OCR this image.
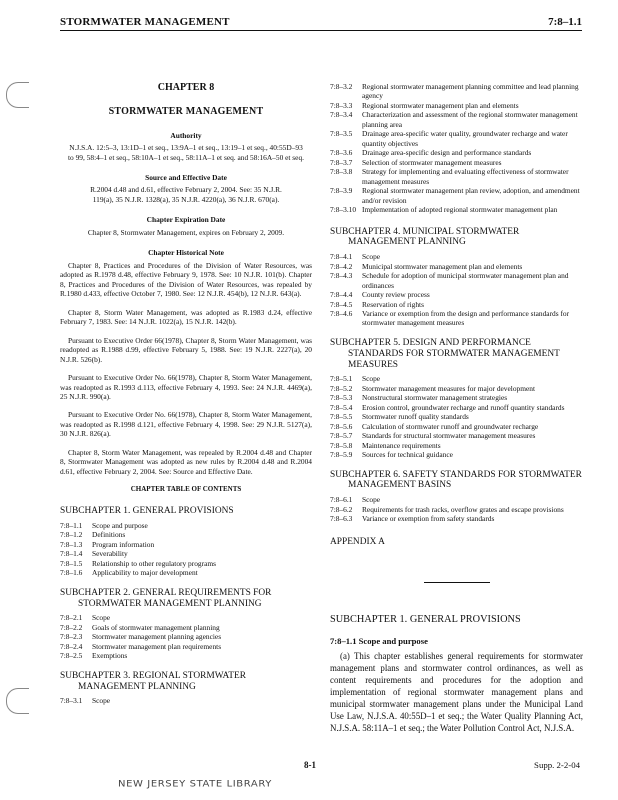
STORMWATER MANAGEMENT	7:8–1.1
CHAPTER 8
STORMWATER MANAGEMENT
Authority
N.J.S.A. 12:5–3, 13:1D–1 et seq., 13:9A–1 et seq., 13:19–1 et seq., 40:55D–93 to 99, 58:4–1 et seq., 58:10A–1 et seq., 58:11A–1 et seq. and 58:16A–50 et seq.
Source and Effective Date
R.2004 d.48 and d.61, effective February 2, 2004. See: 35 N.J.R. 119(a), 35 N.J.R. 1328(a), 35 N.J.R. 4220(a), 36 N.J.R. 670(a).
Chapter Expiration Date
Chapter 8, Stormwater Management, expires on February 2, 2009.
Chapter Historical Note

Chapter 8, Practices and Procedures of the Division of Water Resources, was adopted as R.1978 d.48, effective February 9, 1978. See: 10 N.J.R. 101(b). Chapter 8, Practices and Procedures of the Division of Water Resources, was repealed by R.1980 d.433, effective October 7, 1980. See: 12 N.J.R. 454(b), 12 N.J.R. 643(a).

Chapter 8, Storm Water Management, was adopted as R.1983 d.24, effective February 7, 1983. See: 14 N.J.R. 1022(a), 15 N.J.R. 142(b).

Pursuant to Executive Order 66(1978), Chapter 8, Storm Water Management, was readopted as R.1988 d.99, effective February 5, 1988. See: 19 N.J.R. 2227(a), 20 N.J.R. 526(b).

Pursuant to Executive Order No. 66(1978), Chapter 8, Storm Water Management, was readopted as R.1993 d.113, effective February 4, 1993. See: 24 N.J.R. 4469(a), 25 N.J.R. 990(a).

Pursuant to Executive Order No. 66(1978), Chapter 8, Storm Water Management, was readopted as R.1998 d.121, effective February 4, 1998. See: 29 N.J.R. 5127(a), 30 N.J.R. 826(a).

Chapter 8, Storm Water Management, was repealed by R.2004 d.48 and Chapter 8, Stormwater Management was adopted as new rules by R.2004 d.48 and R.2004 d.61, effective February 2, 2004. See: Source and Effective Date.

CHAPTER TABLE OF CONTENTS
SUBCHAPTER 1. GENERAL PROVISIONS
7:8–1.1	Scope and purpose
7:8–1.2	Definitions
7:8–1.3	Program information
7:8–1.4	Severability
7:8–1.5	Relationship to other regulatory programs
7:8–1.6	Applicability to major development
SUBCHAPTER 2. GENERAL REQUIREMENTS FOR STORMWATER MANAGEMENT PLANNING
7:8–2.1	Scope
7:8–2.2	Goals of stormwater management planning
7:8–2.3	Stormwater management planning agencies
7:8–2.4	Stormwater management plan requirements
7:8–2.5	Exemptions
SUBCHAPTER 3. REGIONAL STORMWATER MANAGEMENT PLANNING
7:8–3.1	Scope
7:8–3.2	Regional stormwater management planning committee and lead planning agency
7:8–3.3	Regional stormwater management plan and elements
7:8–3.4	Characterization and assessment of the regional stormwater management planning area
7:8–3.5	Drainage area-specific water quality, groundwater recharge and water quantity objectives
7:8–3.6	Drainage area-specific design and performance standards
7:8–3.7	Selection of stormwater management measures
7:8–3.8	Strategy for implementing and evaluating effectiveness of stormwater management measures
7:8–3.9	Regional stormwater management plan review, adoption, and amendment and/or revision
7:8–3.10 Implementation of adopted regional stormwater management plan
SUBCHAPTER 4. MUNICIPAL STORMWATER MANAGEMENT PLANNING
7:8–4.1	Scope
7:8–4.2	Municipal stormwater management plan and elements
7:8–4.3	Schedule for adoption of municipal stormwater management plan and ordinances
7:8–4.4	County review process
7:8–4.5	Reservation of rights
7:8–4.6	Variance or exemption from the design and performance standards for stormwater management measures
SUBCHAPTER 5. DESIGN AND PERFORMANCE STANDARDS FOR STORMWATER MANAGEMENT MEASURES
7:8–5.1	Scope
7:8–5.2	Stormwater management measures for major development
7:8–5.3	Nonstructural stormwater management strategies
7:8–5.4	Erosion control, groundwater recharge and runoff quantity standards
7:8–5.5	Stormwater runoff quality standards
7:8–5.6	Calculation of stormwater runoff and groundwater recharge
7:8–5.7	Standards for structural stormwater management measures
7:8–5.8	Maintenance requirements
7:8–5.9	Sources for technical guidance
SUBCHAPTER 6. SAFETY STANDARDS FOR STORMWATER MANAGEMENT BASINS
7:8–6.1	Scope
7:8–6.2	Requirements for trash racks, overflow grates and escape provisions
7:8–6.3	Variance or exemption from safety standards
APPENDIX A
SUBCHAPTER 1. GENERAL PROVISIONS
7:8–1.1 Scope and purpose

(a) This chapter establishes general requirements for stormwater management plans and stormwater control ordinances, as well as content requirements and procedures for the adoption and implementation of regional stormwater management plans and municipal stormwater management plans under the Municipal Land Use Law, N.J.S.A. 40:55D–1 et seq.; the Water Quality Planning Act, N.J.S.A. 58:11A–1 et seq.; the Water Pollution Control Act, N.J.S.A.

8-1	Supp. 2-2-04
NEW JERSEY STATE LIBRARY
